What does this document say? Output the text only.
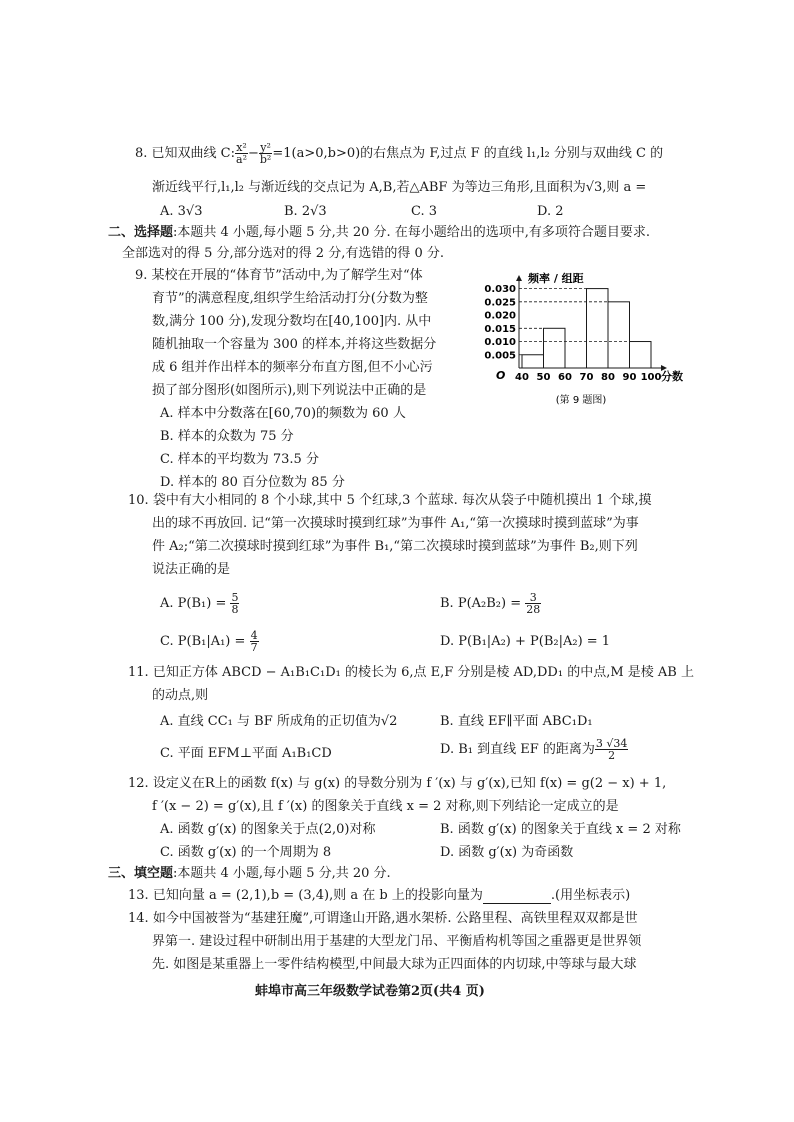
8. 已知双曲线 C: $\frac{\text{x²}}{\text{a²}} - \frac{\text{y²}}{\text{b²}} =1(a>0,b>0)$的右焦点为 F,过点 F 的直线 l₁,l₂ 分别与双曲线 C 的
渐近线平行,l₁,l₂ 与渐近线的交点记为 A,B,若△ABF 为等边三角形,且面积为√3,则 a =
A. 3√3	B. 2√3	C. 3	D. 2
二、选择题:本题共 4 小题,每小题 5 分,共 20 分. 在每小题给出的选项中,有多项符合题目要求.
全部选对的得 5 分,部分选对的得 2 分,有选错的得 0 分.
9. 某校在开展的“体育节”活动中,为了解学生对“体
育节”的满意程度,组织学生给活动打分(分数为整
数,满分 100 分),发现分数均在[40,100]内. 从中
随机抽取一个容量为 300 的样本,并将这些数据分
成 6 组并作出样本的频率分布直方图,但不小心污
损了部分图形(如图所示),则下列说法中正确的是
A. 样本中分数落在[60,70)的频数为 60 人
B. 样本的众数为 75 分
C. 样本的平均数为 73.5 分
D. 样本的 80 百分位数为 85 分
频率 / 组距
分数
O
0.030
0.025
0.020
0.015
0.010
0.005
40 50 60 70 80 90 100
(第 9 题图)
10. 袋中有大小相同的 8 个小球,其中 5 个红球,3 个蓝球. 每次从袋子中随机摸出 1 个球,摸
出的球不再放回. 记“第一次摸球时摸到红球”为事件 A₁,“第一次摸球时摸到蓝球”为事
件 A₂;“第二次摸球时摸到红球”为事件 B₁,“第二次摸球时摸到蓝球”为事件 B₂,则下列
说法正确的是
A. $P(B_1) = \frac{5}{8}$	B. $P(A_2B_2) = \frac{3}{28}$
C. $P(B_1|A_1) = \frac{4}{7}$	D. P(B₁|A₂) + P(B₂|A₂) = 1
11. 已知正方体 ABCD − A₁B₁C₁D₁ 的棱长为 6,点 E,F 分别是棱 AD,DD₁ 的中点,M 是棱 AB 上
的动点,则
A. 直线 CC₁ 与 BF 所成角的正切值为√2	B. 直线 EF∥平面 ABC₁D₁
C. 平面 EFM⊥平面 A₁B₁CD	D. B₁ 到直线 EF 的距离为 $\frac{3 √34}{2}$
12. 设定义在R上的函数 f(x) 与 g(x) 的导数分别为 f ′(x) 与 g′(x),已知 f(x) = g(2 − x) + 1,
f ′(x − 2) = g′(x),且 f ′(x) 的图象关于直线 x = 2 对称,则下列结论一定成立的是
A. 函数 g′(x) 的图象关于点(2,0)对称	B. 函数 g′(x) 的图象关于直线 x = 2 对称
C. 函数 g′(x) 的一个周期为 8	D. 函数 g′(x) 为奇函数
三、填空题:本题共 4 小题,每小题 5 分,共 20 分.
13. 已知向量 a = (2,1),b = (3,4),则 a 在 b 上的投影向量为	.(用坐标表示)
14. 如今中国被誉为“基建狂魔”,可谓逢山开路,遇水架桥. 公路里程、高铁里程双双都是世
界第一. 建设过程中研制出用于基建的大型龙门吊、平衡盾构机等国之重器更是世界领
先. 如图是某重器上一零件结构模型,中间最大球为正四面体的内切球,中等球与最大球
蚌埠市高三年级数学试卷第2页(共4 页)
